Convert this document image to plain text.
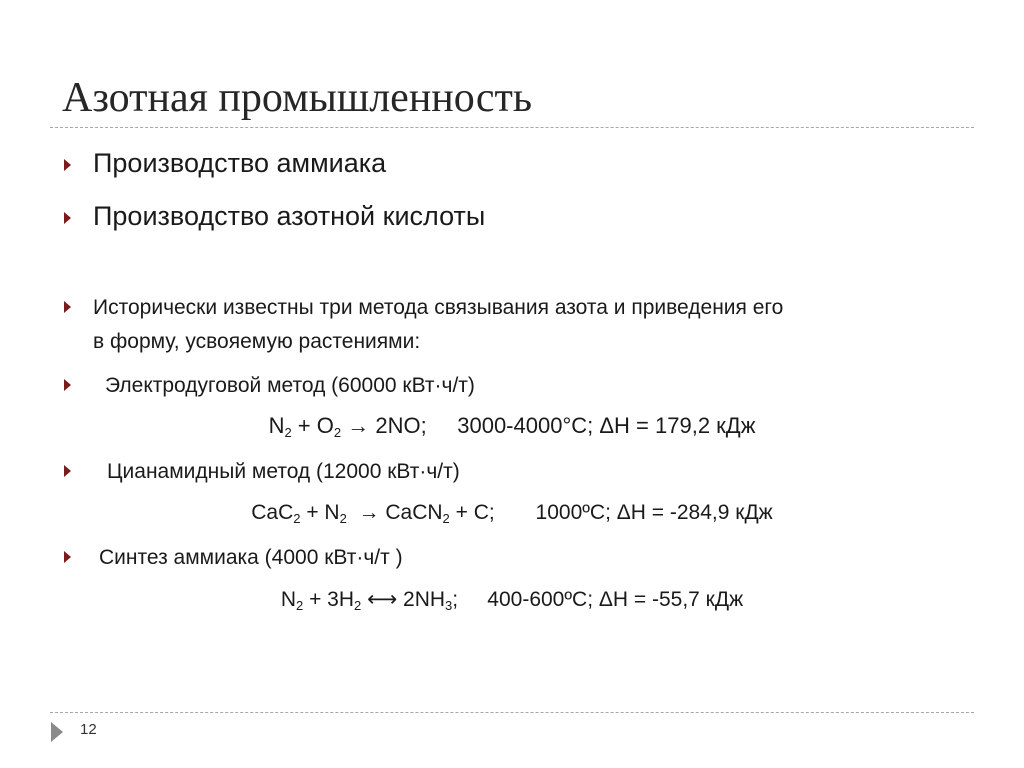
Азотная промышленность
Производство аммиака
Производство азотной кислоты
Исторически известны три метода связывания азота и приведения его
в форму, усвояемую растениями:
Электродуговой метод (60000 кВт·ч/т)
$N_2 + O_2 \to 2NO$;     3000-4000°С; ΔН = 179,2 кДж
Цианамидный метод (12000 кВт·ч/т)
$CaC_2 + N_2$  → CaCN$_2$ + C;       1000ºС; ΔН = -284,9 кДж
Синтез аммиака (4000 кВт·ч/т )
$N_2 + 3H_2$ ⟷ $2NH_3$;     400-600ºС; ΔН = -55,7 кДж
12
